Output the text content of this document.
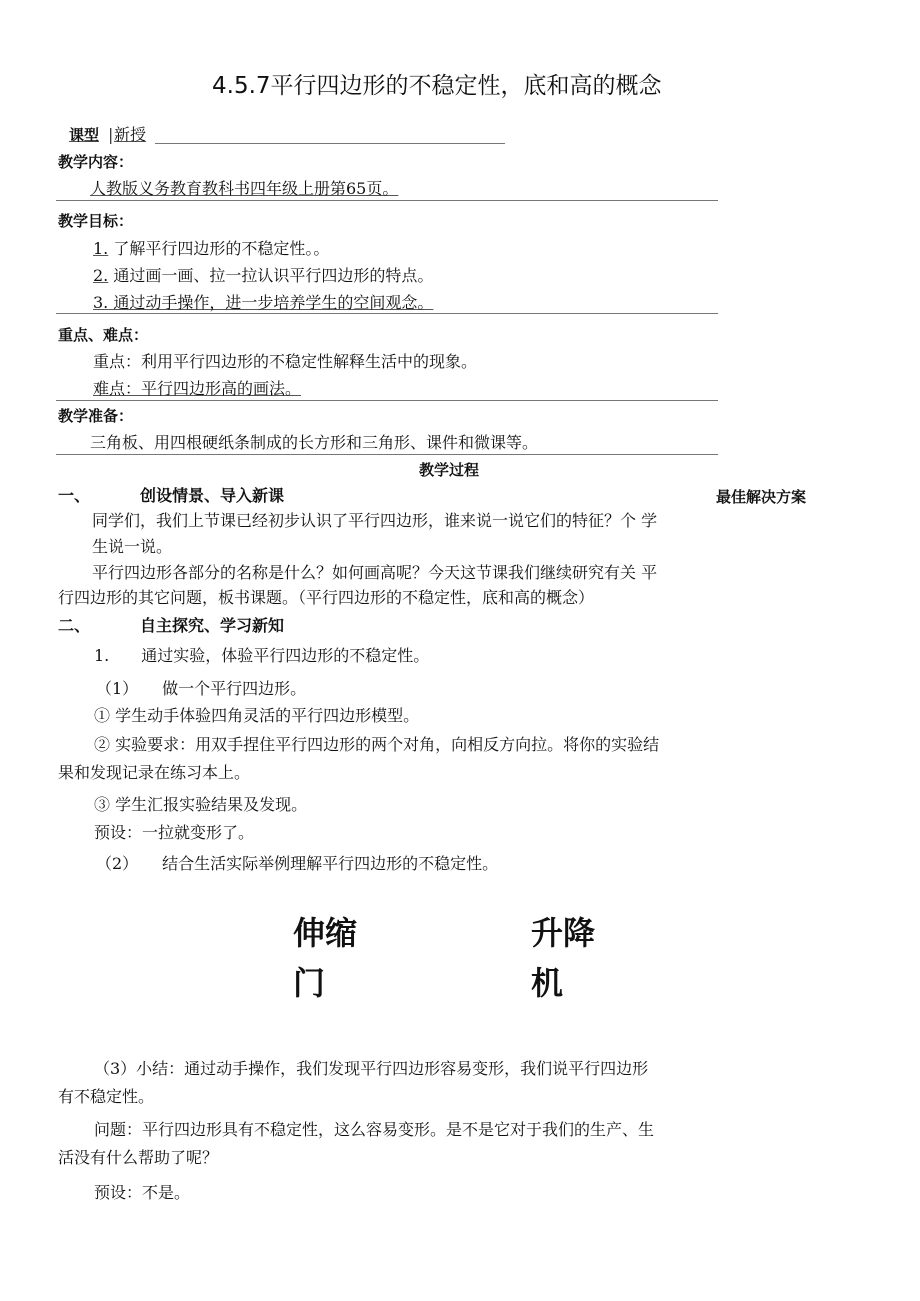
4.5.7平行四边形的不稳定性，底和高的概念
课型 | 新授
教学内容：
人教版义务教育教科书四年级上册第65页。
教学目标：
1. 了解平行四边形的不稳定性。。
2. 通过画一画、拉一拉认识平行四边形的特点。
3. 通过动手操作，进一步培养学生的空间观念。
重点、难点：
重点：利用平行四边形的不稳定性解释生活中的现象。
难点：平行四边形高的画法。
教学准备：
三角板、用四根硬纸条制成的长方形和三角形、课件和微课等。
教学过程
一、	创设情景、导入新课	最佳解决方案
同学们，我们上节课已经初步认识了平行四边形，谁来说一说它们的特征？个 学
生说一说。
平行四边形各部分的名称是什么？如何画高呢？今天这节课我们继续研究有关 平
行四边形的其它问题，板书课题。（平行四边形的不稳定性，底和高的概念）
二、	自主探究、学习新知
1.　　通过实验，体验平行四边形的不稳定性。
（1）　　做一个平行四边形。
① 学生动手体验四角灵活的平行四边形模型。
② 实验要求：用双手捏住平行四边形的两个对角，向相反方向拉。将你的实验结
果和发现记录在练习本上。
③ 学生汇报实验结果及发现。
预设：一拉就变形了。
（2）　　结合生活实际举例理解平行四边形的不稳定性。
伸缩
门
升降
机
（3）小结：通过动手操作，我们发现平行四边形容易变形，我们说平行四边形
有不稳定性。
问题：平行四边形具有不稳定性，这么容易变形。是不是它对于我们的生产、生
活没有什么帮助了呢？
预设：不是。
